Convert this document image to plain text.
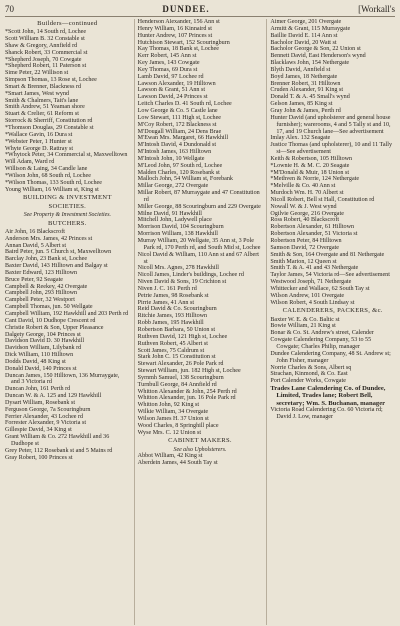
70	DUNDEE.	[Workall's
Builders—continued
*Scott John, 14 South rd, Lochee
Scott William B. 32 Constable st
Shaw & Gregory, Annfield rd
Shanck Robert, 33 Commercial st
*Shepherd Joseph, 70 Cowgate
*Shepherd Robert, 11 Paterson st
Sime Peter, 22 Willison st
Simpson Thomas, 13 Rose st, Lochee
Smart & Brenner, Blackness rd
*Smart James, West wynd
Smith & Chalmers, Tait's lane
Smith Andrew, 51 Yeaman shore
Stuart & Crelier, 61 Reform st
Storrock & Sherriff, Constitution rd
*Thomson Douglas, 29 Constable st
*Wallace Gavin, 16 Dura st
*Webster Peter, 1 Hunter st
Whyte George D. Rattray st
*Whytock Peter, 34 Commercial st, Maxwelltown
Will Adam, Ward rd
Willison & Laing, 34 Candle lane
*Wilson John, 68 South rd, Lochee
*Wilson Thomas, 133 South rd, Lochee
Young William, 16 William st, King st
BUILDING & INVESTMENT SOCIETIES.
See Property & Investment Societies.
BUTCHERS.
Air John, 16 Blackscroft
Anderson Mrs. James, 42 Princes st
Annan David, 5 Albert st
Baird Peter, jun. 5 Church st, Maxwelltown
Barclay John, 23 Bank st, Lochee
Baxter David, 143 Hilltown and Balgay st
Baxter Edward, 123 Hilltown
Bruce Peter, 92 Seagate
Campbell & Reekey, 42 Overgate
Campbell John, 293 Hilltown
Campbell Peter, 32 Westport
Campbell Thomas, jun. 50 Wellgate
Campbell William, 192 Hawkhill and 203 Perth rd
Cant David, 10 Dudhope Crescent rd
Christie Robert & Son, Upper Pleasance
Dalgety George, 104 Princes st
Davidson David D. 30 Hawkhill
Davidson William, Lilybank rd
Dick William, 110 Hilltown
Dodds David, 48 King st
Donald David, 140 Princes st
Duncan James, 150 Hilltown, 136 Murraygate, and 3 Victoria rd
Duncan John, 161 Perth rd
Duncan W. & A. 125 and 129 Hawkhill
Dysart William, Rosebank st
Ferguson George, 7a Scouringburn
Ferrier Alexander, 43 Lochee rd
Forrester Alexander, 9 Victoria st
Gillespie David, 34 King st
Grant William & Co. 272 Hawkhill and 36 Dudhope st
Grey Peter, 112 Rosebank st and 5 Mains rd
Gray Robert, 100 Princes st
Henderson Alexander, 156 Ann st
Henry William, 16 Kinnaird st
Hunter Andrew, 107 Princes st
Hutchison Stewart, 152 Scouringburn
Kay Thomas, 18 Bank st, Lochee
Kerr Robert, 145 Ann st
Key James, 143 Cowgate
Key Thomas, 69 Dura st
Lamb David, 97 Lochee rd
Lawson Alexander, 19 Hilltown
Lawson & Grant, 51 Ann st
Lawson David, 24 Princes st
Leitch Charles D. 41 South rd, Lochee
Low George & Co. 5 Castle lane
Low Stewart, 111 High st, Lochee
M'Coy Robert, 172 Blackness st
M'Dougall William, 24 Dens Brae
M'Ewan Mrs. Margaret, 66 Hawkhill
M'Intosh David, 4 Dundonald st
M'Intosh James, 163 Hilltown
M'Intosh John, 10 Wellgate
M'Leod John, 97 South rd, Lochee
Malden Charles, 120 Rosebank st
Malloch John, 54 William st, Forebank
Millar George, 272 Overgate
Millar Robert, 87 Murraygate and 47 Constitution rd
Miller George, 88 Scouringburn and 229 Overgate
Milne David, 91 Hawkhill
Mitchell John, Ladywell place
Morrison David, 104 Scouringburn
Morrison William, 138 Hawkhill
Murray William, 20 Wellgate, 35 Ann st, 3 Pole Park rd, 170 Perth rd, and South Mid st, Lochee
Nicol David & William, 110 Ann st and 67 Albert st
Nicoll Mrs. Agnes, 278 Hawkhill
Nicoll James, Linder's buildings, Lochee rd
Niven David & Sons, 19 Crichton st
Niven J. C. 161 Perth rd
Petrie James, 98 Rosebank st
Pirrie James, 41 Ann st
Reid David & Co. Scouringburn
Ritchie James, 193 Hilltown
Robb James, 195 Hawkhill
Robertson Barbara, 50 Union st
Ruthven David, 121 High st, Lochee
Ruthven Robert, 45 Albert st
Scott James, 75 Caldrum st
Stark John C. 15 Constitution st
Stewart Alexander, 26 Pole Park rd
Stewart William, jun. 182 High st, Lochee
Syrnmh Samuel, 138 Scouringburn
Turnbull George, 84 Annfield rd
Whitton Alexander & John, 254 Perth rd
Whitton Alexander, jun. 16 Pole Park rd
Whitton John, 92 King st
Wilkie William, 34 Overgate
Wilson James H. 37 Union st
Wood Charles, 8 Springhill place
Wyse Mrs. C. 12 Union st
CABINET MAKERS.
See also Upholsterers.
Abbot William, 42 King st
Aberdein James, 44 South Tay st
Aimer George, 201 Overgate
Armitt & Grant, 115 Murraygate
Baillie David E. 114 Ann st
Bacholor David, 20 Watt st
Bacholor George & Son, 22 Union st
Bennett David, East Henderson's wynd
Blacklaws John, 154 Nethergate
Blyth David, Annfield st
Boyd James, 18 Nethergate
Brenner Robert, 31 Hilltown
Cruden Alexander, 91 King st
Donald T. & A. 45 Small's wynd
Gelson James, 85 King st
Gray John & James, Perth rd
Hunter David (and upholsterer and general house furnisher); warerooms, 4 and 5 Tally st and 10, 17, and 19 Church lane—See advertisement
Imlay Alex. 132 Seagate
Justice Thomas (and upholsterer), 10 and 11 Tally st—See advertisement
Keith & Robertson, 105 Hilltown
*Lownie H. & M. C. 20 Seagate
*M'Donald & Muir, 18 Union st
*Methven & Norrie, 124 Nethergate
*Melville & Co. 40 Ann st
Murdoch Wm. H. 70 Albert st
Nicoll Robert, Bell st Hall, Constitution rd
Nowall W. & J. West wynd
Ogilvie George, 216 Overgate
Ross Robert, 40 Blackscroft
Robertson Alexander, 61 Hilltown
Robertson Alexander, 51 Victoria st
Robertson Peter, 84 Hilltown
Samson David, 72 Overgate
Smith & Son, 164 Overgate and 81 Nethergate
Smith Marion, 12 Queen st
Smith T. & A. 41 and 43 Nethergate
Taylor James, 54 Victoria rd—See advertisement
Westwood Joseph, 71 Nethergate
Whittecker and Wallace, 62 South Tay st
Wilson Andrew, 101 Overgate
Wilson Robert, 4 South Lindsay st
CALENDERERS, PACKERS, &c.
Baxter W. E. & Co. Baltic st
Bowie William, 21 King st
Bonar & Co. St. Andrew's street, Calender
Cowgate Calendering Company, 53 to 55 Cowgate; Charles Philip, manager
Dundee Calendering Company, 48 St. Andrew st; John Fisher, manager
Norrie Charles & Sons, Albert sq
Strachan, Kinmond, & Co. East
Port Calender Works, Cowgate
Trades Lane Calendering Co. of Dundee, Limited, Trades lane; Robert Bell, secretary; Wm. S. Buchanan, manager
Victoria Road Calendering Co. 60 Victoria rd; David J. Low, manager
